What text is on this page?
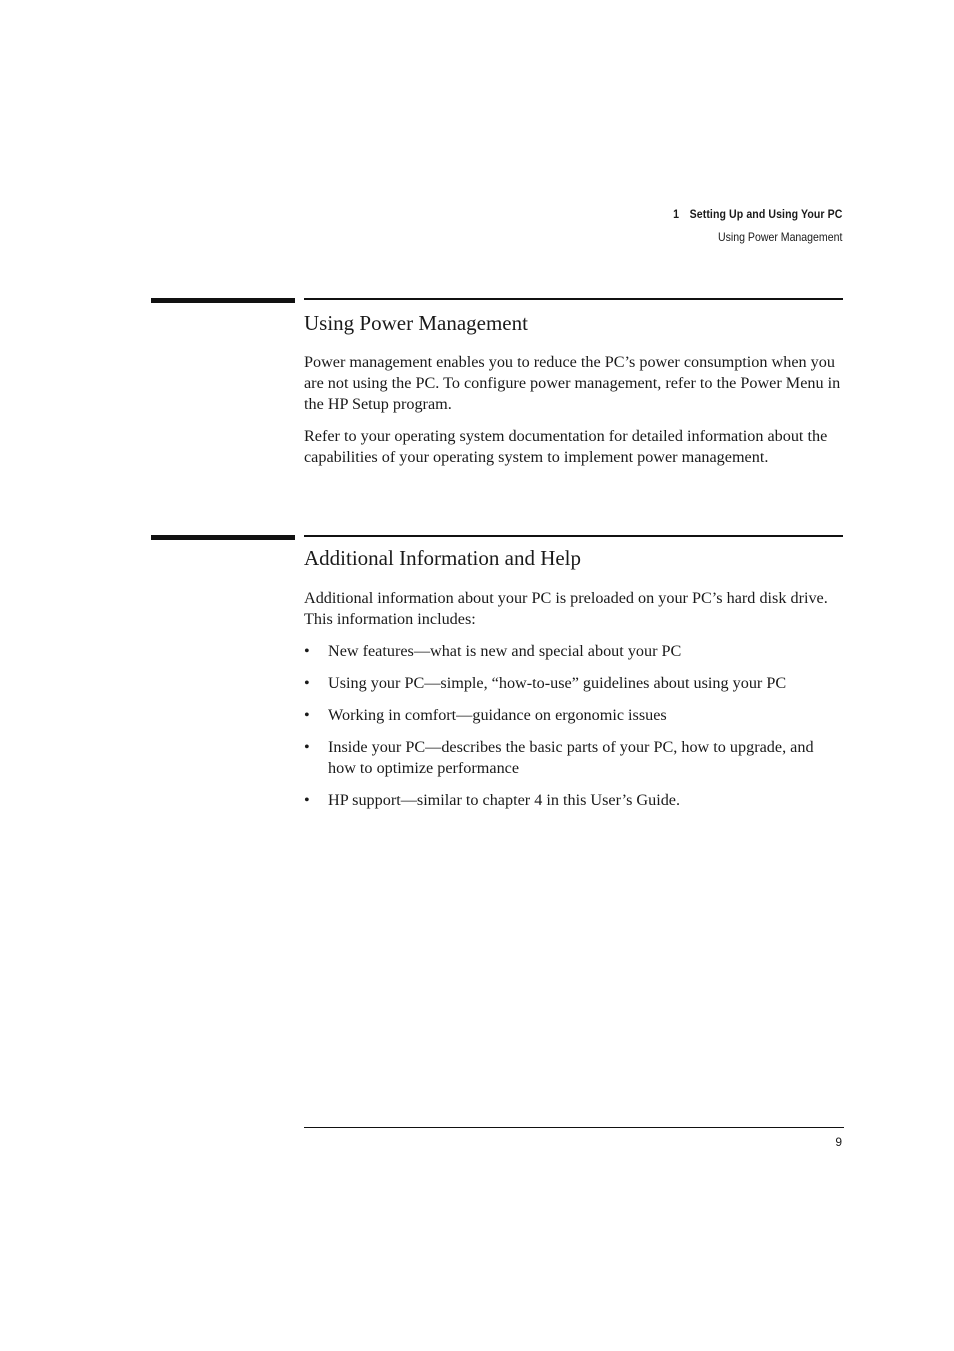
1 Setting Up and Using Your PC
Using Power Management
Using Power Management

Power management enables you to reduce the PC’s power consumption when you are not using the PC. To configure power management, refer to the Power Menu in the HP Setup program.

Refer to your operating system documentation for detailed information about the capabilities of your operating system to implement power management.

Additional Information and Help

Additional information about your PC is preloaded on your PC’s hard disk drive. This information includes:

• New features—what is new and special about your PC
• Using your PC—simple, “how-to-use” guidelines about using your PC
• Working in comfort—guidance on ergonomic issues
• Inside your PC—describes the basic parts of your PC, how to upgrade, and how to optimize performance
• HP support—similar to chapter 4 in this User’s Guide.
9
